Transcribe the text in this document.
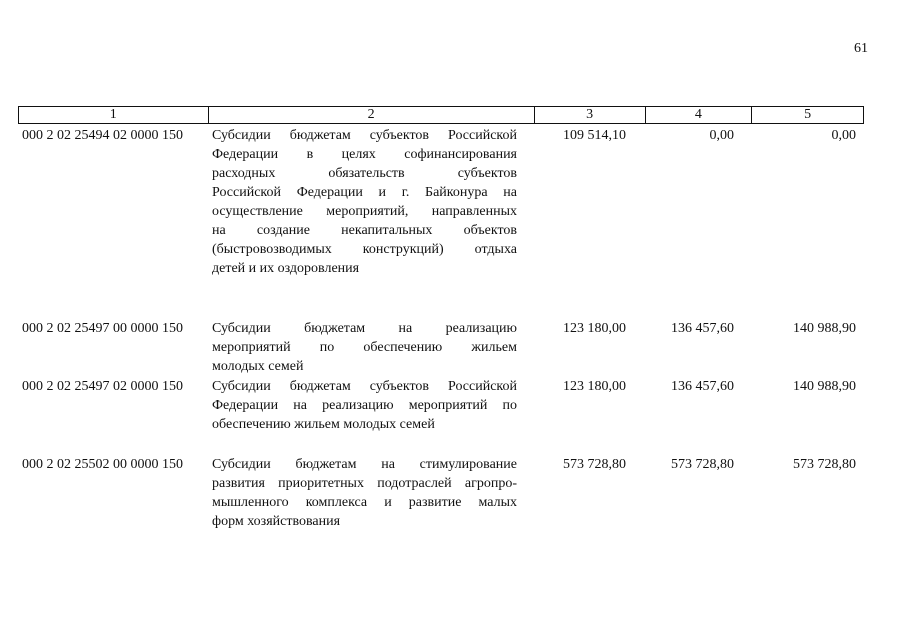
61
1	2	3	4	5
000 2 02 25494 02 0000 150 Субсидии бюджетам субъектов Российской
Федерации в целях софинансирования
расходных обязательств субъектов
Российской Федерации и г. Байконура на
осуществление мероприятий, направленных
на создание некапитальных объектов
(быстровозводимых конструкций) отдыха
детей и их оздоровления
109 514,10	0,00	0,00
000 2 02 25497 00 0000 150 Субсидии бюджетам на реализацию
мероприятий по обеспечению жильем
молодых семей
123 180,00	136 457,60	140 988,90
000 2 02 25497 02 0000 150 Субсидии бюджетам субъектов Российской
Федерации на реализацию мероприятий по
обеспечению жильем молодых семей
123 180,00	136 457,60	140 988,90
000 2 02 25502 00 0000 150 Субсидии бюджетам на стимулирование
развития приоритетных подотраслей агропро-
мышленного комплекса и развитие малых
форм хозяйствования
573 728,80	573 728,80	573 728,80
